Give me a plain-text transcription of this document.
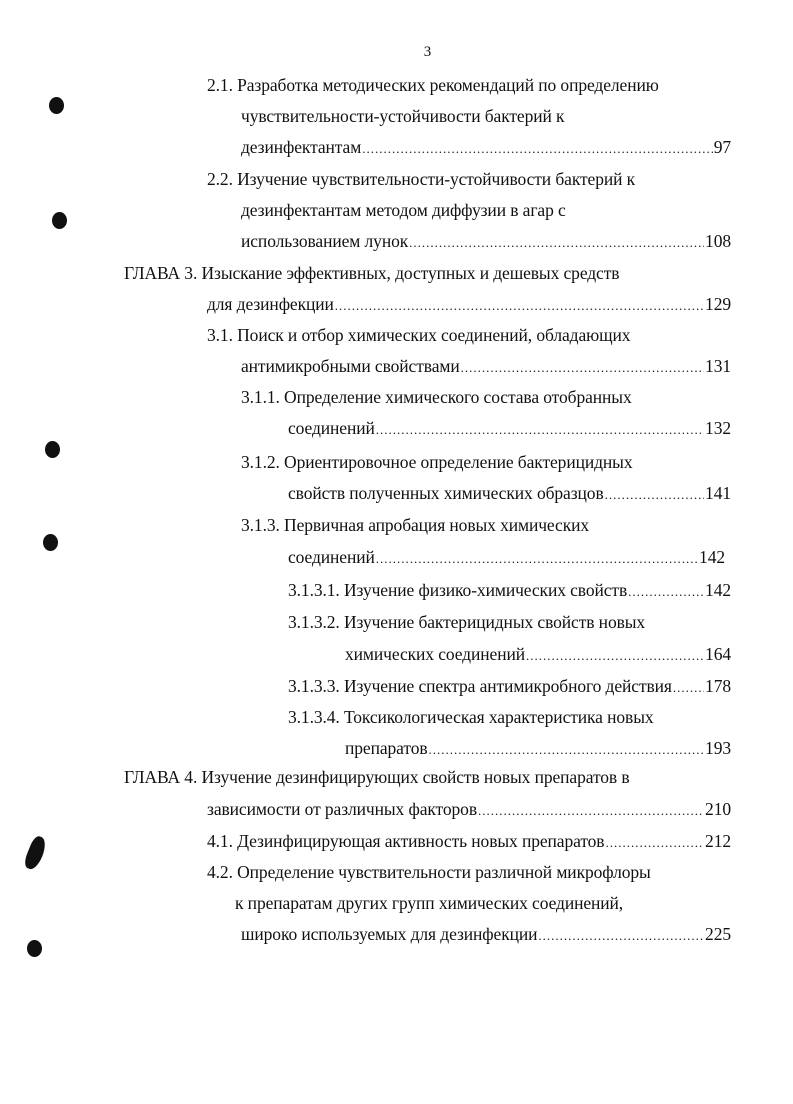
3
2.1. Разработка методических рекомендаций по определению
чувствительности-устойчивости бактерий к
дезинфектантам .....	97
2.2. Изучение чувствительности-устойчивости бактерий к
дезинфектантам методом диффузии в агар с
использованием лунок .....	108
ГЛАВА 3. Изыскание эффективных, доступных и дешевых средств
для дезинфекции .....	129
3.1. Поиск и отбор химических соединений, обладающих
антимикробными свойствами .....	131
3.1.1. Определение химического состава отобранных
соединений .....	132
3.1.2. Ориентировочное определение бактерицидных
свойств полученных химических образцов .....	141
3.1.3. Первичная апробация новых химических
соединений .....	142
3.1.3.1. Изучение физико-химических свойств .....	142
3.1.3.2. Изучение бактерицидных свойств новых
химических соединений .....	164
3.1.3.3. Изучение спектра антимикробного действия ..... 178
3.1.3.4. Токсикологическая характеристика новых
препаратов .....	193
ГЛАВА 4. Изучение дезинфицирующих свойств новых препаратов в
зависимости от различных факторов .....	210
4.1. Дезинфицирующая активность новых препаратов .....	212
4.2. Определение чувствительности различной микрофлоры
к препаратам других групп химических соединений,
широко используемых для дезинфекции .....	225
